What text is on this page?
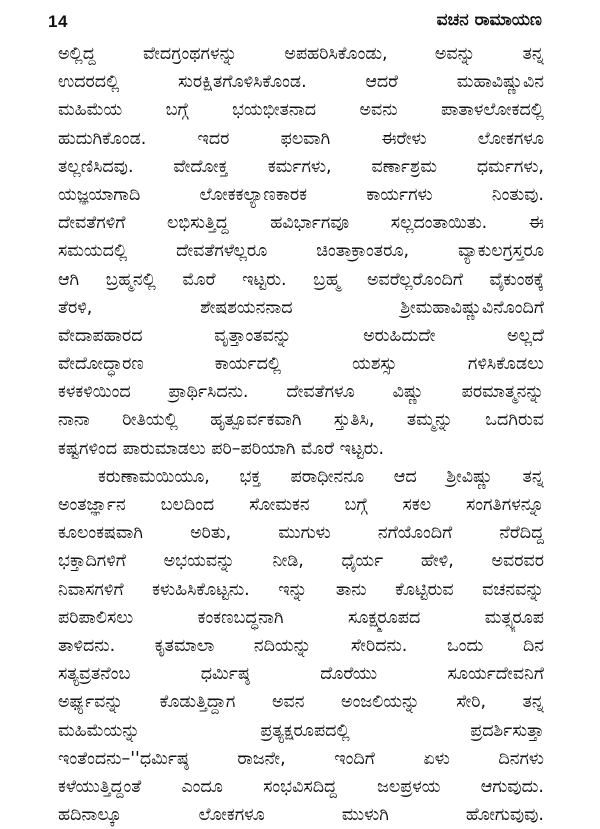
14	ವಚನ ರಾಮಾಯಣ
ಅಲ್ಲಿದ್ದ ವೇದಗ್ರಂಥಗಳನ್ನು ಅಪಹರಿಸಿಕೊಂಡು, ಅವನ್ನು ತನ್ನ
ಉದರದಲ್ಲಿ ಸುರಕ್ಷಿತಗೊಳಿಸಿಕೊಂಡ. ಆದರೆ ಮಹಾವಿಷ್ಣುವಿನ
ಮಹಿಮೆಯ ಬಗ್ಗೆ ಭಯಭೀತನಾದ ಅವನು ಪಾತಾಳಲೋಕದಲ್ಲಿ
ಹುದುಗಿಕೊಂಡ. ಇದರ ಫಲವಾಗಿ ಈರೇಳು ಲೋಕಗಳೂ
ತಲ್ಲಣಿಸಿದವು. ವೇದೋಕ್ತ ಕರ್ಮಗಳು, ವರ್ಣಾಶ್ರಮ ಧರ್ಮಗಳು,
ಯಜ್ಞಯಾಗಾದಿ ಲೋಕಕಲ್ಯಾಣಕಾರಕ ಕಾರ್ಯಗಳು ನಿಂತುವು.
ದೇವತೆಗಳಿಗೆ ಲಭಿಸುತ್ತಿದ್ದ ಹವಿರ್ಭಾಗವೂ ಸಲ್ಲದಂತಾಯಿತು. ಈ
ಸಮಯದಲ್ಲಿ ದೇವತೆಗಳೆಲ್ಲರೂ ಚಿಂತಾಕ್ರಾಂತರೂ, ವ್ಯಾಕುಲಗ್ರಸ್ತರೂ
ಆಗಿ ಬ್ರಹ್ಮನಲ್ಲಿ ಮೊರೆ ಇಟ್ಟರು. ಬ್ರಹ್ಮ ಅವರೆಲ್ಲರೊಂದಿಗೆ ವೈಕುಂಠಕ್ಕೆ
ತೆರಳಿ, ಶೇಷಶಯನನಾದ ಶ್ರೀಮಹಾವಿಷ್ಣುವಿನೊಂದಿಗೆ
ವೇದಾಪಹಾರದ ವೃತ್ತಾಂತವನ್ನು ಅರುಹಿದುದೇ ಅಲ್ಲದೆ
ವೇದೋದ್ಧಾರಣ ಕಾರ್ಯದಲ್ಲಿ ಯಶಸ್ಸು ಗಳಿಸಿಕೊಡಲು
ಕಳಕಳಿಯಿಂದ ಪ್ರಾರ್ಥಿಸಿದನು. ದೇವತೆಗಳೂ ವಿಷ್ಣು ಪರಮಾತ್ಮನನ್ನು
ನಾನಾ ರೀತಿಯಲ್ಲಿ ಹೃತ್ಪೂರ್ವಕವಾಗಿ ಸ್ತುತಿಸಿ, ತಮ್ಮನ್ನು ಒದಗಿರುವ
ಕಷ್ಟಗಳಿಂದ ಪಾರುಮಾಡಲು ಪರಿ–ಪರಿಯಾಗಿ ಮೊರೆ ಇಟ್ಟರು.
ಕರುಣಾಮಯಿಯೂ, ಭಕ್ತ ಪರಾಧೀನನೂ ಆದ ಶ್ರೀವಿಷ್ಣು ತನ್ನ
ಅಂತರ್ಜ್ಞಾನ ಬಲದಿಂದ ಸೋಮಕನ ಬಗ್ಗೆ ಸಕಲ ಸಂಗತಿಗಳನ್ನೂ
ಕೂಲಂಕಷವಾಗಿ ಅರಿತು, ಮುಗುಳು ನಗೆಯೊಂದಿಗೆ ನೆರೆದಿದ್ದ
ಭಕ್ತಾದಿಗಳಿಗೆ ಅಭಯವನ್ನು ನೀಡಿ, ಧೈರ್ಯ ಹೇಳಿ, ಅವರವರ
ನಿವಾಸಗಳಿಗೆ ಕಳುಹಿಸಿಕೊಟ್ಟನು. ಇನ್ನು ತಾನು ಕೊಟ್ಟಿರುವ ವಚನವನ್ನು
ಪರಿಪಾಲಿಸಲು ಕಂಕಣಬದ್ಧನಾಗಿ ಸೂಕ್ಷ್ಮರೂಪದ ಮತ್ಸ್ಯರೂಪ
ತಾಳಿದನು. ಕೃತಮಾಲಾ ನದಿಯನ್ನು ಸೇರಿದನು. ಒಂದು ದಿನ
ಸತ್ಯವ್ರತನೆಂಬ ಧರ್ಮಿಷ್ಠ ದೊರೆಯು ಸೂರ್ಯದೇವನಿಗೆ
ಅರ್ಘ್ಯವನ್ನು ಕೊಡುತ್ತಿದ್ದಾಗ ಅವನ ಅಂಜಲಿಯನ್ನು ಸೇರಿ, ತನ್ನ
ಮಹಿಮೆಯನ್ನು ಪ್ರತ್ಯಕ್ಷರೂಪದಲ್ಲಿ ಪ್ರದರ್ಶಿಸುತ್ತಾ
ಇಂತೆಂದನು–''ಧರ್ಮಿಷ್ಠ ರಾಜನೇ, ಇಂದಿಗೆ ಏಳು ದಿನಗಳು
ಕಳೆಯುತ್ತಿದ್ದಂತೆ ಎಂದೂ ಸಂಭವಿಸದಿದ್ದ ಜಲಪ್ರಳಯ ಆಗುವುದು.
ಹದಿನಾಲ್ಕೂ ಲೋಕಗಳೂ ಮುಳುಗಿ ಹೋಗುವುವು.
